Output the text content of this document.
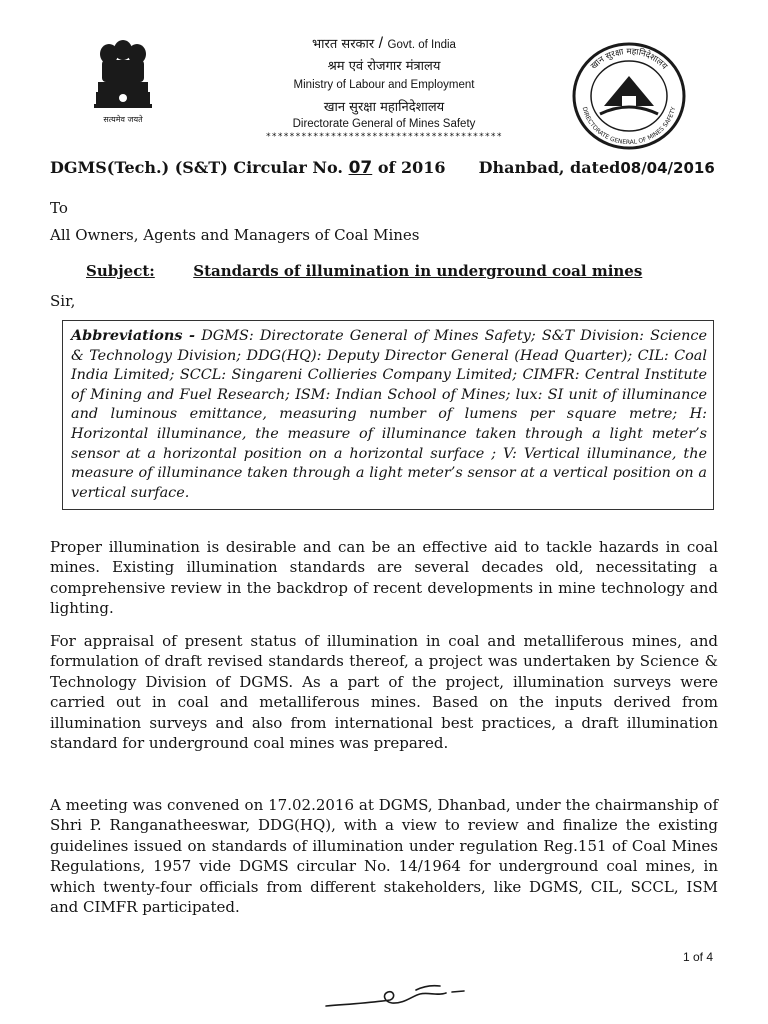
सत्यमेव जयते
खान सुरक्षा महानिदेशालय
DIRECTORATE GENERAL OF MINES SAFETY
भारत सरकार / Govt. of India
श्रम एवं रोजगार मंत्रालय
Ministry of Labour and Employment
खान सुरक्षा महानिदेशालय
Directorate General of Mines Safety
****************************************
DGMS(Tech.) (S&T) Circular No. 07 of 2016 Dhanbad, dated08/04/2016
To
All Owners, Agents and Managers of Coal Mines
Subject:	Standards of illumination in underground coal mines
Sir,
Abbreviations - DGMS: Directorate General of Mines Safety; S&T Division: Science & Technology Division; DDG(HQ): Deputy Director General (Head Quarter); CIL: Coal India Limited; SCCL: Singareni Collieries Company Limited; CIMFR: Central Institute of Mining and Fuel Research; ISM: Indian School of Mines; lux: SI unit of illuminance and luminous emittance, measuring number of lumens per square metre; H: Horizontal illuminance, the measure of illuminance taken through a light meter’s sensor at a horizontal position on a horizontal surface ; V: Vertical illuminance, the measure of illuminance taken through a light meter’s sensor at a vertical position on a vertical surface.
Proper illumination is desirable and can be an effective aid to tackle hazards in coal mines. Existing illumination standards are several decades old, necessitating a comprehensive review in the backdrop of recent developments in mine technology and lighting.
For appraisal of present status of illumination in coal and metalliferous mines, and formulation of draft revised standards thereof, a project was undertaken by Science & Technology Division of DGMS. As a part of the project, illumination surveys were carried out in coal and metalliferous mines. Based on the inputs derived from illumination surveys and also from international best practices, a draft illumination standard for underground coal mines was prepared.
A meeting was convened on 17.02.2016 at DGMS, Dhanbad, under the chairmanship of Shri P. Ranganatheeswar, DDG(HQ), with a view to review and finalize the existing guidelines issued on standards of illumination under regulation Reg.151 of Coal Mines Regulations, 1957 vide DGMS circular No. 14/1964 for underground coal mines, in which twenty-four officials from different stakeholders, like DGMS, CIL, SCCL, ISM and CIMFR participated.
1 of 4
